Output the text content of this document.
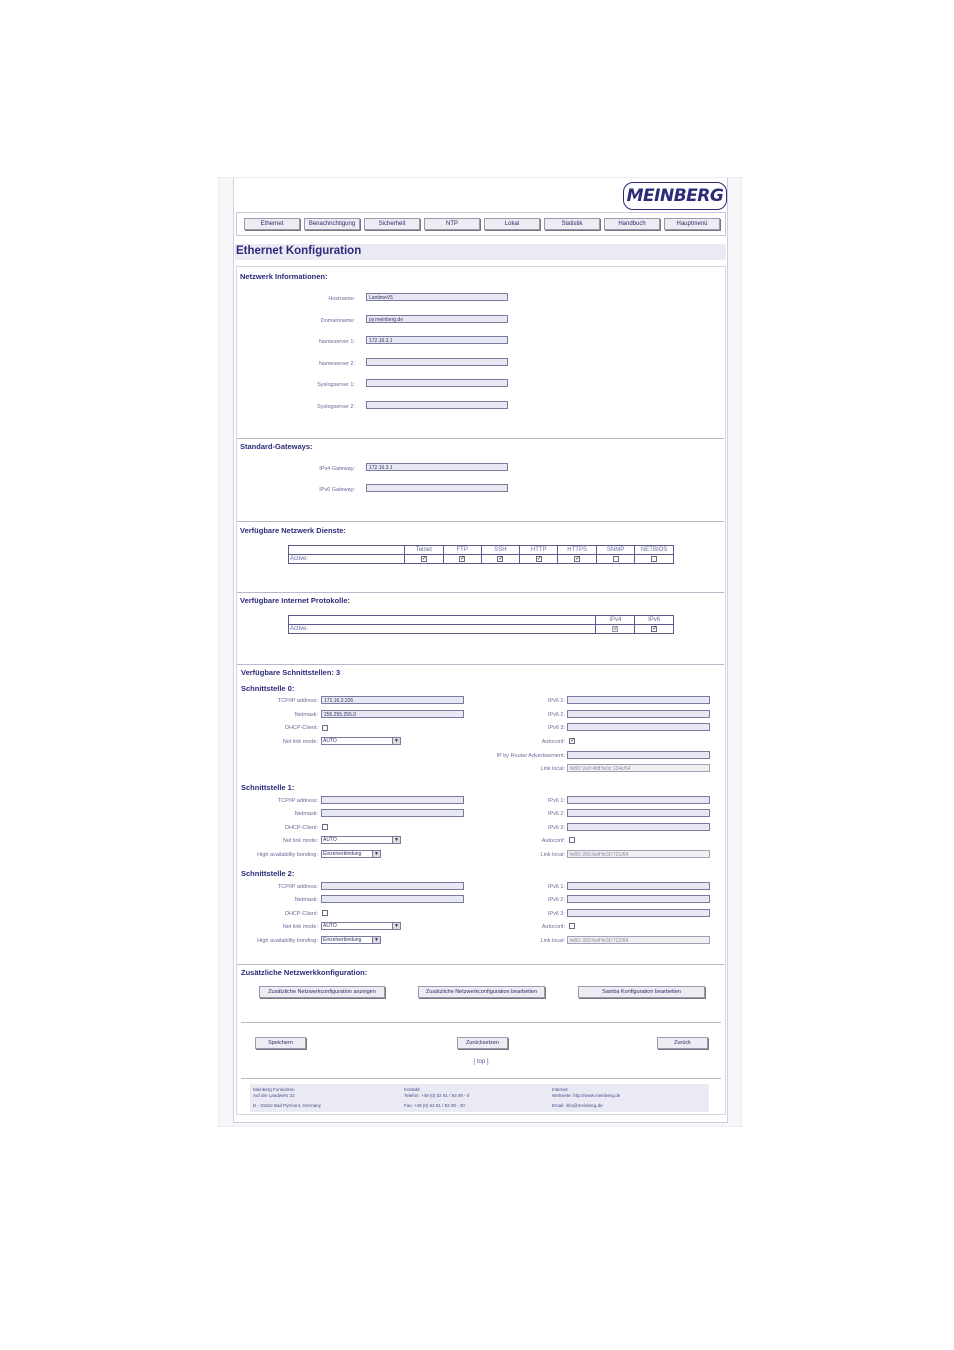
MEINBERG
Ethernet	Benachrichtigung	Sicherheit	NTP	Lokal	Statistik	Handbuch	Hauptmenü
Ethernet Konfiguration
Netzwerk Informationen:
Hostname:	LantimeV5
Domainname:	py.meinberg.de
Nameserver 1:	172.16.3.1
Nameserver 2:
Syslogserver 1:
Syslogserver 2:
Standard-Gateways:
IPv4 Gateway:	172.16.3.1
IPv6 Gateway:
Verfügbare Netzwerk Dienste:
	Telnet	FTP	SSH	HTTP	HTTPS	SNMP	NETBIOS
Active:	✓	✓	✓	✓	✓		

Verfügbare Internet Protokolle:
	IPv4	IPv6
Active:	✓	✓
Verfügbare Schnittstellen: 3
Schnittstelle 0:
TCP/IP address:	172.16.3.226
Netmask:	255.255.255.0
DHCP-Client:
Net link mode:	AUTO	▼
IPv6 1:
IPv6 2:
IPv6 3:
Autoconf: ✓
IP by Router Advertisement:
Link local:	fe80::2e0:4bff:fe0c:134c/64
Schnittstelle 1:
TCP/IP address:
Netmask:
DHCP-Client:
Net link mode:	AUTO	▼
High availability bonding:	Einzelverbindung	▼
IPv6 1:
IPv6 2:
IPv6 3:
Autoconf:
Link local:	fe80::260:6eff:fe30:721/64
Schnittstelle 2:
TCP/IP address:
Netmask:
DHCP-Client:
Net link mode:	AUTO	▼
High availability bonding:	Einzelverbindung	▼
IPv6 1:
IPv6 2:
IPv6 3:
Autoconf:
Link local:	fe80::260:6eff:fe30:722/64
Zusätzliche Netzwerkkonfiguration:
Zusätzliche Netzwerkconfiguration anzeigen	Zusätzliche Netzwerkconfiguration bearbeiten	Samba Konfiguration bearbeiten
Speichern	Zurücksetzen	Zurück
[ top ]
Meinberg Funkuhren
Auf der Landwehr 22
D - 31812 Bad Pyrmont, Germany
Kontakt:
Telefon: +49 (0) 52 81 / 93 09 - 0
Fax: +49 (0) 52 81 / 93 09 - 30
Internet:
Webseite: http://www.meinberg.de
Email: info@meinberg.de
